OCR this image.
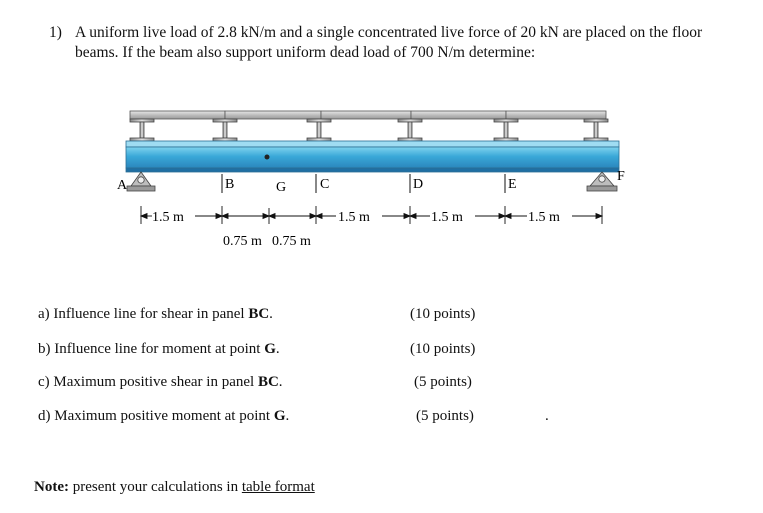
1) A uniform live load of 2.8 kN/m and a single concentrated live force of 20 kN are placed on the floor
beams. If the beam also support uniform dead load of 700 N/m determine:
A	B	G C	D	E
F
1.5 m
0.75 m 0.75 m
1.5 m	1.5 m	1.5 m
a) Influence line for shear in panel BC.	(10 points)
b) Influence line for moment at point G.	(10 points)
c) Maximum positive shear in panel BC.	(5 points)
d) Maximum positive moment at point G.	(5 points)	.
Note: present your calculations in table format
